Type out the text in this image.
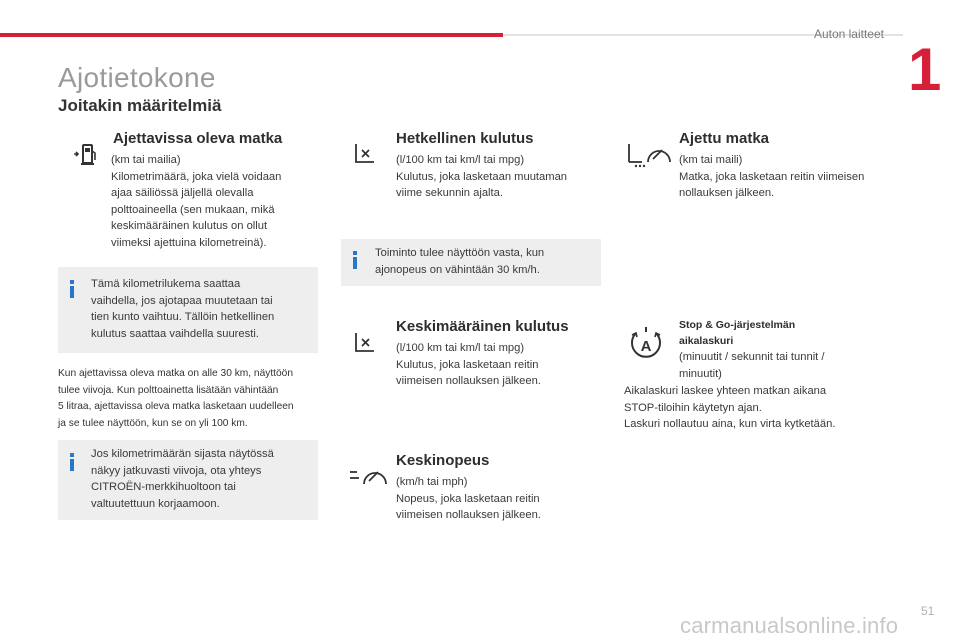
Auton laitteet
1
Ajotietokone
Joitakin määritelmiä
Ajettavissa oleva matka
(km tai mailia)
Kilometrimäärä, joka vielä voidaan
ajaa säiliössä jäljellä olevalla
polttoaineella (sen mukaan, mikä
keskimääräinen kulutus on ollut
viimeksi ajettuina kilometreinä).
Tämä kilometrilukema saattaa
vaihdella, jos ajotapaa muutetaan tai
tien kunto vaihtuu. Tällöin hetkellinen
kulutus saattaa vaihdella suuresti.
Kun ajettavissa oleva matka on alle 30 km, näyttöön
tulee viivoja. Kun polttoainetta lisätään vähintään
5 litraa, ajettavissa oleva matka lasketaan uudelleen
ja se tulee näyttöön, kun se on yli 100 km.
Jos kilometrimäärän sijasta näytössä
näkyy jatkuvasti viivoja, ota yhteys
CITROËN-merkkihuoltoon tai
valtuutettuun korjaamoon.
Hetkellinen kulutus
(l/100 km tai km/l tai mpg)
Kulutus, joka lasketaan muutaman
viime sekunnin ajalta.
Toiminto tulee näyttöön vasta, kun
ajonopeus on vähintään 30 km/h.
Keskimääräinen kulutus
(l/100 km tai km/l tai mpg)
Kulutus, joka lasketaan reitin
viimeisen nollauksen jälkeen.
Keskinopeus
(km/h tai mph)
Nopeus, joka lasketaan reitin
viimeisen nollauksen jälkeen.
Ajettu matka
(km tai maili)
Matka, joka lasketaan reitin viimeisen
nollauksen jälkeen.
A
Stop & Go-järjestelmän
aikalaskuri
(minuutit / sekunnit tai tunnit /
minuutit)
Aikalaskuri laskee yhteen matkan aikana
STOP-tiloihin käytetyn ajan.
Laskuri nollautuu aina, kun virta kytketään.
51
carmanualsonline.info
